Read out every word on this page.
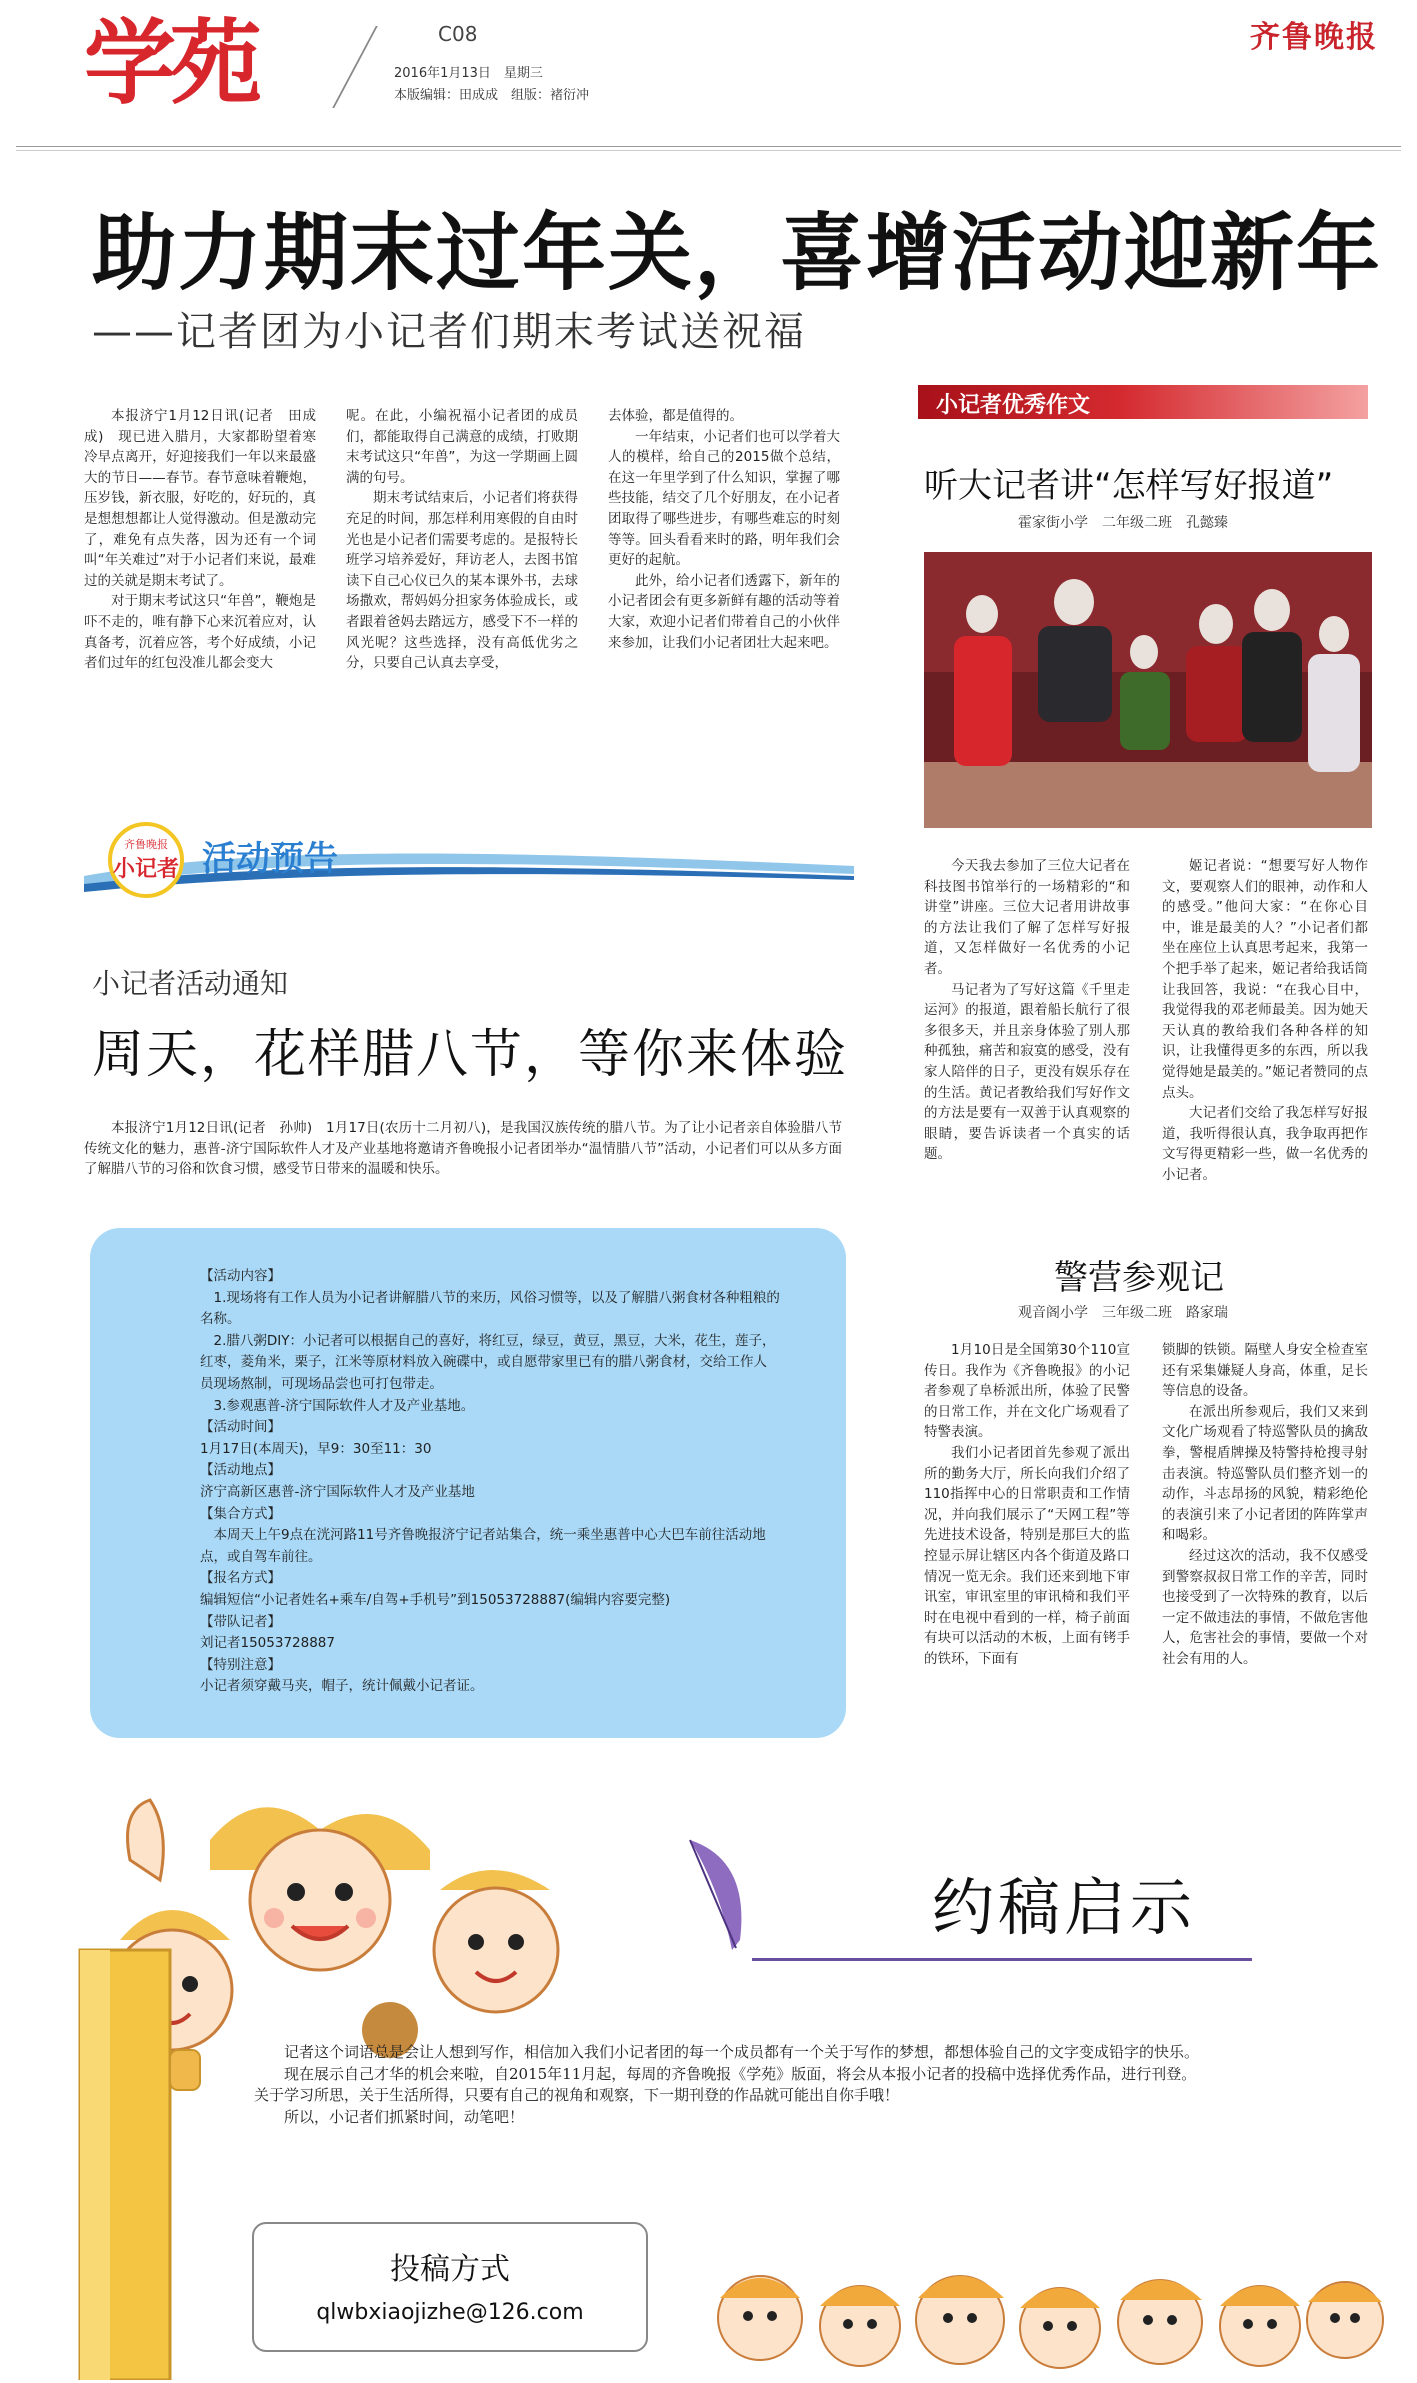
学苑	C08
2016年1月13日　星期三
本版编辑：田成成　组版：褚衍冲
齐鲁晚报
助力期末过年关，喜增活动迎新年
——记者团为小记者们期末考试送祝福

本报济宁1月12日讯(记者　田成成)　现已进入腊月，大家都盼望着寒冷早点离开，好迎接我们一年以来最盛大的节日——春节。春节意味着鞭炮，压岁钱，新衣服，好吃的，好玩的，真是想想想都让人觉得激动。但是激动完了，难免有点失落，因为还有一个词叫“年关难过”对于小记者们来说，最难过的关就是期末考试了。

对于期末考试这只“年兽”，鞭炮是吓不走的，唯有静下心来沉着应对，认真备考，沉着应答，考个好成绩，小记者们过年的红包没准儿都会变大

呢。在此，小编祝福小记者团的成员们，都能取得自己满意的成绩，打败期末考试这只“年兽”，为这一学期画上圆满的句号。

期末考试结束后，小记者们将获得充足的时间，那怎样利用寒假的自由时光也是小记者们需要考虑的。是报特长班学习培养爱好，拜访老人，去图书馆读下自己心仪已久的某本课外书，去球场撒欢，帮妈妈分担家务体验成长，或者跟着爸妈去踏远方，感受下不一样的风光呢？这些选择，没有高低优劣之分，只要自己认真去享受，

去体验，都是值得的。

一年结束，小记者们也可以学着大人的模样，给自己的2015做个总结，在这一年里学到了什么知识，掌握了哪些技能，结交了几个好朋友，在小记者团取得了哪些进步，有哪些难忘的时刻等等。回头看看来时的路，明年我们会更好的起航。

此外，给小记者们透露下，新年的小记者团会有更多新鲜有趣的活动等着大家，欢迎小记者们带着自己的小伙伴来参加，让我们小记者团壮大起来吧。

齐鲁晚报
小记者 活动预告
小记者活动通知
周天，花样腊八节，等你来体验

本报济宁1月12日讯(记者　孙帅)　1月17日(农历十二月初八)，是我国汉族传统的腊八节。为了让小记者亲自体验腊八节传统文化的魅力，惠普-济宁国际软件人才及产业基地将邀请齐鲁晚报小记者团举办“温情腊八节”活动，小记者们可以从多方面了解腊八节的习俗和饮食习惯，感受节日带来的温暖和快乐。

【活动内容】
　1.现场将有工作人员为小记者讲解腊八节的来历，风俗习惯等，以及了解腊八粥食材各种粗粮的名称。
　2.腊八粥DIY：小记者可以根据自己的喜好，将红豆，绿豆，黄豆，黑豆，大米，花生，莲子，红枣，菱角米，栗子，江米等原材料放入碗碟中，或自愿带家里已有的腊八粥食材，交给工作人员现场熬制，可现场品尝也可打包带走。
　3.参观惠普-济宁国际软件人才及产业基地。
【活动时间】
1月17日(本周天)，早9：30至11：30
【活动地点】
济宁高新区惠普-济宁国际软件人才及产业基地
【集合方式】
　本周天上午9点在洸河路11号齐鲁晚报济宁记者站集合，统一乘坐惠普中心大巴车前往活动地点，或自驾车前往。
【报名方式】
编辑短信“小记者姓名+乘车/自驾+手机号”到15053728887(编辑内容要完整)
【带队记者】
刘记者15053728887
【特别注意】
小记者须穿戴马夹，帽子，统计佩戴小记者证。
小记者优秀作文
听大记者讲“怎样写好报道”
霍家街小学　二年级二班　孔懿臻

今天我去参加了三位大记者在科技图书馆举行的一场精彩的“和讲堂”讲座。三位大记者用讲故事的方法让我们了解了怎样写好报道，又怎样做好一名优秀的小记者。

马记者为了写好这篇《千里走运河》的报道，跟着船长航行了很多很多天，并且亲身体验了别人那种孤独，痛苦和寂寞的感受，没有家人陪伴的日子，更没有娱乐存在的生活。黄记者教给我们写好作文的方法是要有一双善于认真观察的眼睛，要告诉读者一个真实的话题。

姬记者说：“想要写好人物作文，要观察人们的眼神，动作和人的感受。”他问大家：“在你心目中，谁是最美的人？”小记者们都坐在座位上认真思考起来，我第一个把手举了起来，姬记者给我话筒让我回答，我说：“在我心目中，我觉得我的邓老师最美。因为她天天认真的教给我们各种各样的知识，让我懂得更多的东西，所以我觉得她是最美的。”姬记者赞同的点点头。

大记者们交给了我怎样写好报道，我听得很认真，我争取再把作文写得更精彩一些，做一名优秀的小记者。

警营参观记
观音阁小学　三年级二班　路家瑞

1月10日是全国第30个110宣传日。我作为《齐鲁晚报》的小记者参观了阜桥派出所，体验了民警的日常工作，并在文化广场观看了特警表演。

我们小记者团首先参观了派出所的勤务大厅，所长向我们介绍了110指挥中心的日常职责和工作情况，并向我们展示了“天网工程”等先进技术设备，特别是那巨大的监控显示屏让辖区内各个街道及路口情况一览无余。我们还来到地下审讯室，审讯室里的审讯椅和我们平时在电视中看到的一样，椅子前面有块可以活动的木板，上面有铐手的铁环，下面有

锁脚的铁锁。隔壁人身安全检查室还有采集嫌疑人身高，体重，足长等信息的设备。

在派出所参观后，我们又来到文化广场观看了特巡警队员的擒敌拳，警棍盾牌操及特警持枪搜寻射击表演。特巡警队员们整齐划一的动作，斗志昂扬的风貌，精彩绝伦的表演引来了小记者团的阵阵掌声和喝彩。

经过这次的活动，我不仅感受到警察叔叔日常工作的辛苦，同时也接受到了一次特殊的教育，以后一定不做违法的事情，不做危害他人，危害社会的事情，要做一个对社会有用的人。

约稿启示

记者这个词语总是会让人想到写作，相信加入我们小记者团的每一个成员都有一个关于写作的梦想，都想体验自己的文字变成铅字的快乐。

现在展示自己才华的机会来啦，自2015年11月起，每周的齐鲁晚报《学苑》版面，将会从本报小记者的投稿中选择优秀作品，进行刊登。关于学习所思，关于生活所得，只要有自己的视角和观察，下一期刊登的作品就可能出自你手哦！

所以，小记者们抓紧时间，动笔吧！

投稿方式
qlwbxiaojizhe@126.com
